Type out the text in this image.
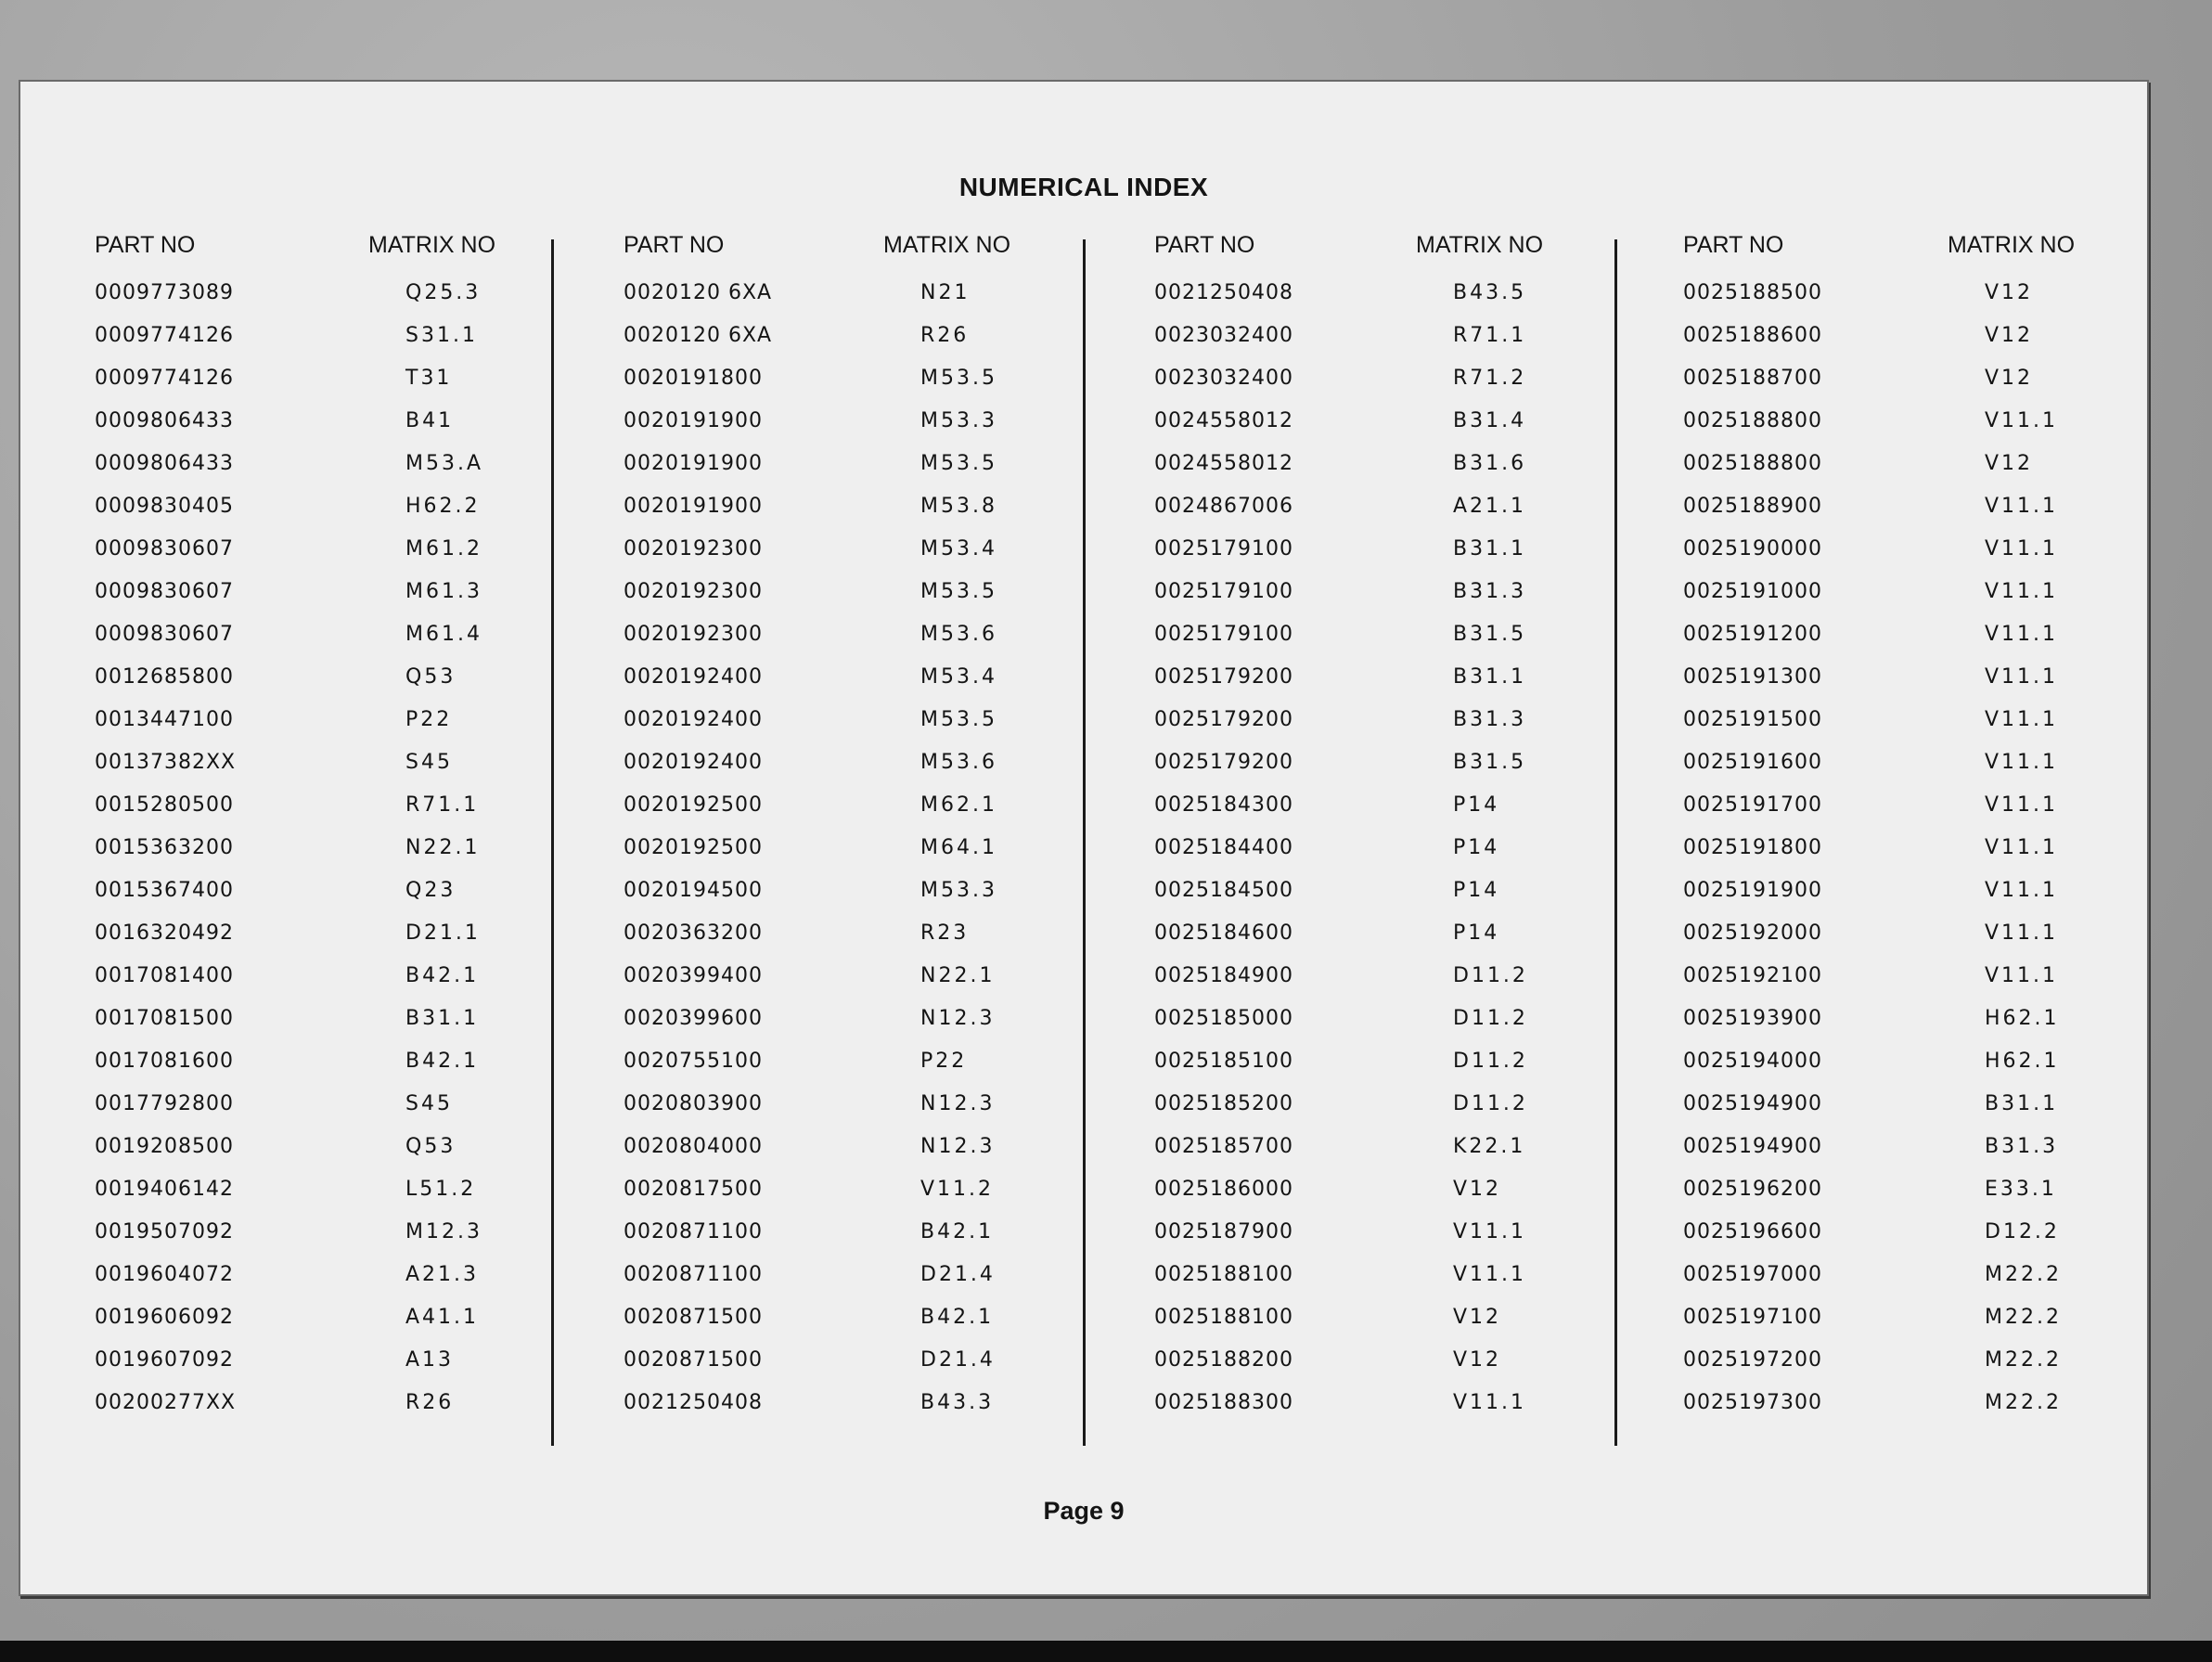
NUMERICAL INDEX
PART NO	MATRIX NO
0009773089	Q25.3
0009774126	S31.1
0009774126	T31
0009806433	B41
0009806433	M53.A
0009830405	H62.2
0009830607	M61.2
0009830607	M61.3
0009830607	M61.4
0012685800	Q53
0013447100	P22
00137382XX	S45
0015280500	R71.1
0015363200	N22.1
0015367400	Q23
0016320492	D21.1
0017081400	B42.1
0017081500	B31.1
0017081600	B42.1
0017792800	S45
0019208500	Q53
0019406142	L51.2
0019507092	M12.3
0019604072	A21.3
0019606092	A41.1
0019607092	A13
00200277XX	R26
PART NO	MATRIX NO
0020120 6XA	N21
0020120 6XA	R26
0020191800	M53.5
0020191900	M53.3
0020191900	M53.5
0020191900	M53.8
0020192300	M53.4
0020192300	M53.5
0020192300	M53.6
0020192400	M53.4
0020192400	M53.5
0020192400	M53.6
0020192500	M62.1
0020192500	M64.1
0020194500	M53.3
0020363200	R23
0020399400	N22.1
0020399600	N12.3
0020755100	P22
0020803900	N12.3
0020804000	N12.3
0020817500	V11.2
0020871100	B42.1
0020871100	D21.4
0020871500	B42.1
0020871500	D21.4
0021250408	B43.3
PART NO	MATRIX NO
0021250408	B43.5
0023032400	R71.1
0023032400	R71.2
0024558012	B31.4
0024558012	B31.6
0024867006	A21.1
0025179100	B31.1
0025179100	B31.3
0025179100	B31.5
0025179200	B31.1
0025179200	B31.3
0025179200	B31.5
0025184300	P14
0025184400	P14
0025184500	P14
0025184600	P14
0025184900	D11.2
0025185000	D11.2
0025185100	D11.2
0025185200	D11.2
0025185700	K22.1
0025186000	V12
0025187900	V11.1
0025188100	V11.1
0025188100	V12
0025188200	V12
0025188300	V11.1
PART NO	MATRIX NO
0025188500	V12
0025188600	V12
0025188700	V12
0025188800	V11.1
0025188800	V12
0025188900	V11.1
0025190000	V11.1
0025191000	V11.1
0025191200	V11.1
0025191300	V11.1
0025191500	V11.1
0025191600	V11.1
0025191700	V11.1
0025191800	V11.1
0025191900	V11.1
0025192000	V11.1
0025192100	V11.1
0025193900	H62.1
0025194000	H62.1
0025194900	B31.1
0025194900	B31.3
0025196200	E33.1
0025196600	D12.2
0025197000	M22.2
0025197100	M22.2
0025197200	M22.2
0025197300	M22.2
Page 9
